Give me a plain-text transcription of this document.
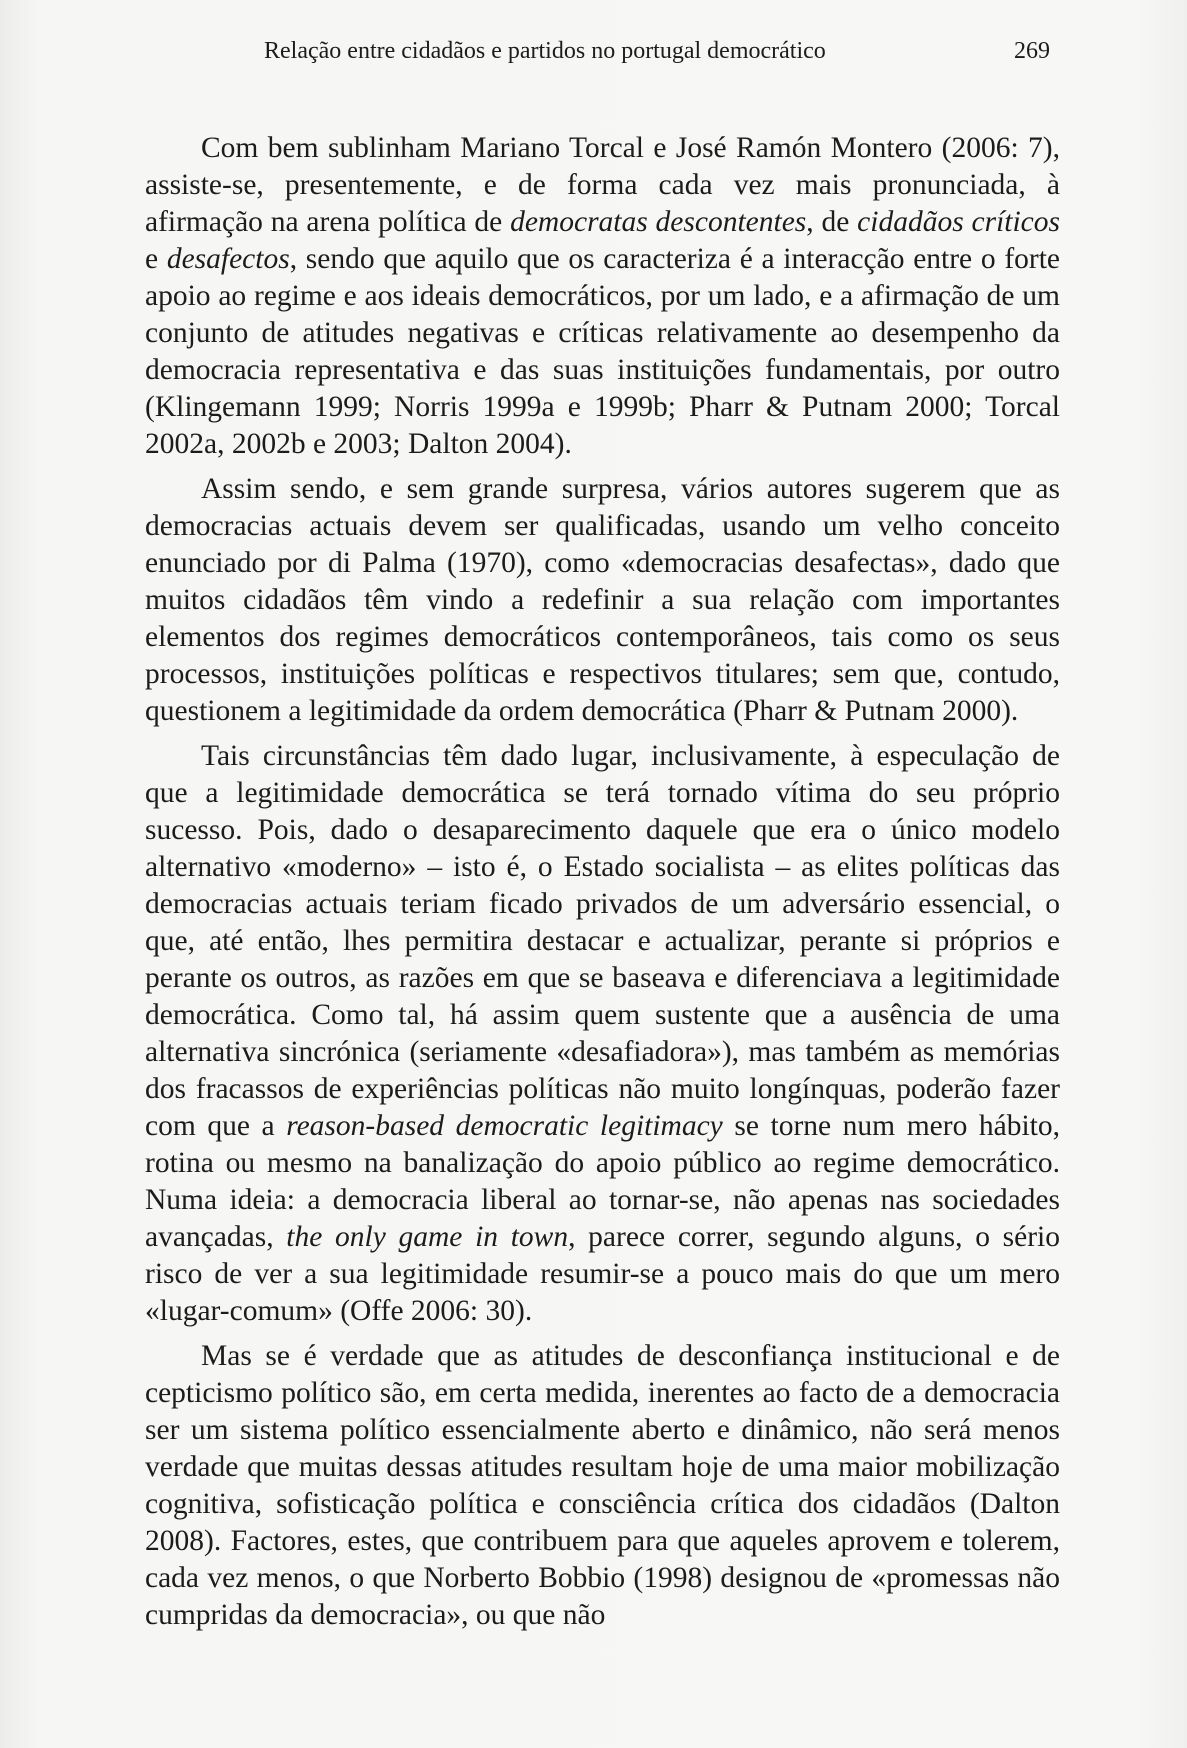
Relação entre cidadãos e partidos no portugal democrático	269

Com bem sublinham Mariano Torcal e José Ramón Montero (2006: 7), assiste-se, presentemente, e de forma cada vez mais pronunciada, à afirmação na arena política de democratas descontentes, de cidadãos críticos e desafectos, sendo que aquilo que os caracteriza é a interacção entre o forte apoio ao regime e aos ideais democráticos, por um lado, e a afirmação de um conjunto de atitudes negativas e críticas relativamente ao desempenho da democracia representativa e das suas instituições fundamentais, por outro (Klingemann 1999; Norris 1999a e 1999b; Pharr & Putnam 2000; Torcal 2002a, 2002b e 2003; Dalton 2004).

Assim sendo, e sem grande surpresa, vários autores sugerem que as democracias actuais devem ser qualificadas, usando um velho conceito enunciado por di Palma (1970), como «democracias desafectas», dado que muitos cidadãos têm vindo a redefinir a sua relação com importantes elementos dos regimes democráticos contemporâneos, tais como os seus processos, instituições políticas e respectivos titulares; sem que, contudo, questionem a legitimidade da ordem democrática (Pharr & Putnam 2000).

Tais circunstâncias têm dado lugar, inclusivamente, à especulação de que a legitimidade democrática se terá tornado vítima do seu próprio sucesso. Pois, dado o desaparecimento daquele que era o único modelo alternativo «moderno» – isto é, o Estado socialista – as elites políticas das democracias actuais teriam ficado privados de um adversário essencial, o que, até então, lhes permitira destacar e actualizar, perante si próprios e perante os outros, as razões em que se baseava e diferenciava a legitimidade democrática. Como tal, há assim quem sustente que a ausência de uma alternativa sincrónica (seriamente «desafiadora»), mas também as memórias dos fracassos de experiências políticas não muito longínquas, poderão fazer com que a reason-based democratic legitimacy se torne num mero hábito, rotina ou mesmo na banalização do apoio público ao regime democrático. Numa ideia: a democracia liberal ao tornar-se, não apenas nas sociedades avançadas, the only game in town, parece correr, segundo alguns, o sério risco de ver a sua legitimidade resumir-se a pouco mais do que um mero «lugar-comum» (Offe 2006: 30).

Mas se é verdade que as atitudes de desconfiança institucional e de cepticismo político são, em certa medida, inerentes ao facto de a democracia ser um sistema político essencialmente aberto e dinâmico, não será menos verdade que muitas dessas atitudes resultam hoje de uma maior mobilização cognitiva, sofisticação política e consciência crítica dos cidadãos (Dalton 2008). Factores, estes, que contribuem para que aqueles aprovem e tolerem, cada vez menos, o que Norberto Bobbio (1998) designou de «promessas não cumpridas da democracia», ou que não
